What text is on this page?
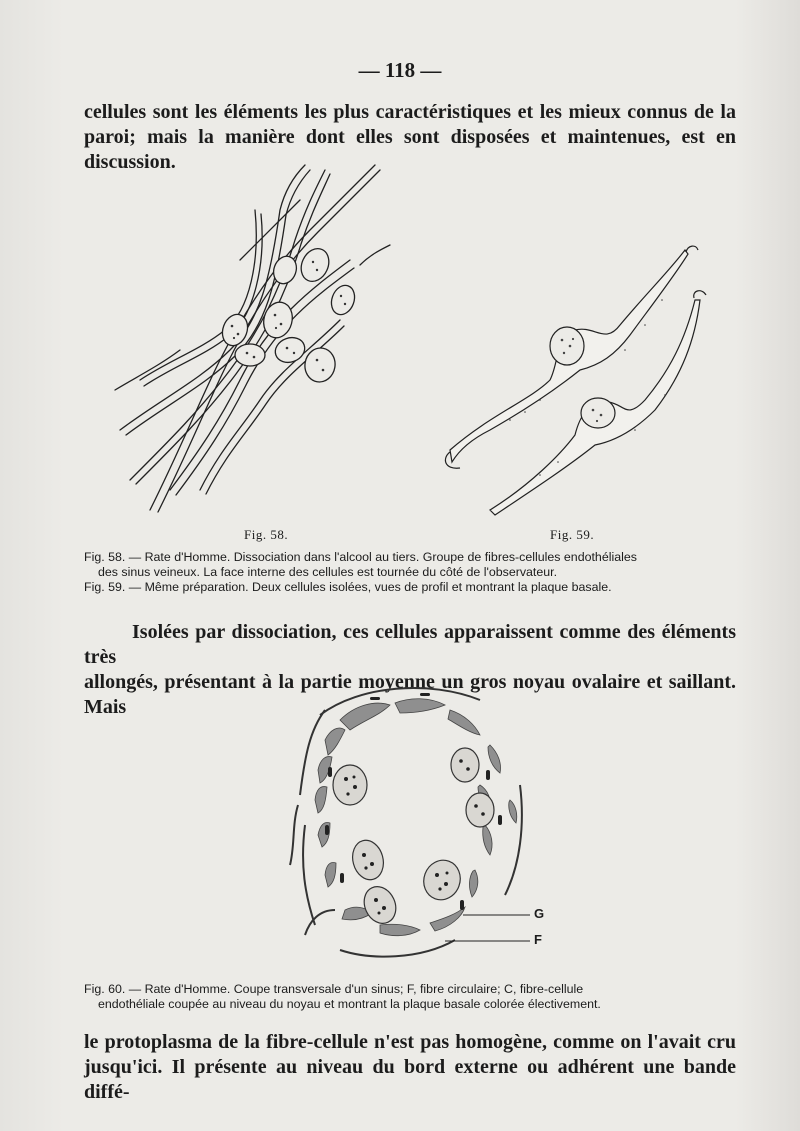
— 118 —

cellules sont les éléments les plus caractéristiques et les mieux connus de la
paroi; mais la manière dont elles sont disposées et maintenues, est en discussion.

Fig. 58.	Fig. 59.

Fig. 58. — Rate d'Homme. Dissociation dans l'alcool au tiers. Groupe de fibres-cellules endothéliales
des sinus veineux. La face interne des cellules est tournée du côté de l'observateur.
Fig. 59. — Même préparation. Deux cellules isolées, vues de profil et montrant la plaque basale.

Isolées par dissociation, ces cellules apparaissent comme des éléments très
allongés, présentant à la partie moyenne un gros noyau ovalaire et saillant. Mais

G
F

Fig. 60. — Rate d'Homme. Coupe transversale d'un sinus; F, fibre circulaire; C, fibre-cellule
endothéliale coupée au niveau du noyau et montrant la plaque basale colorée électivement.

le protoplasma de la fibre-cellule n'est pas homogène, comme on l'avait cru
jusqu'ici. Il présente au niveau du bord externe ou adhérent une bande diffé-
